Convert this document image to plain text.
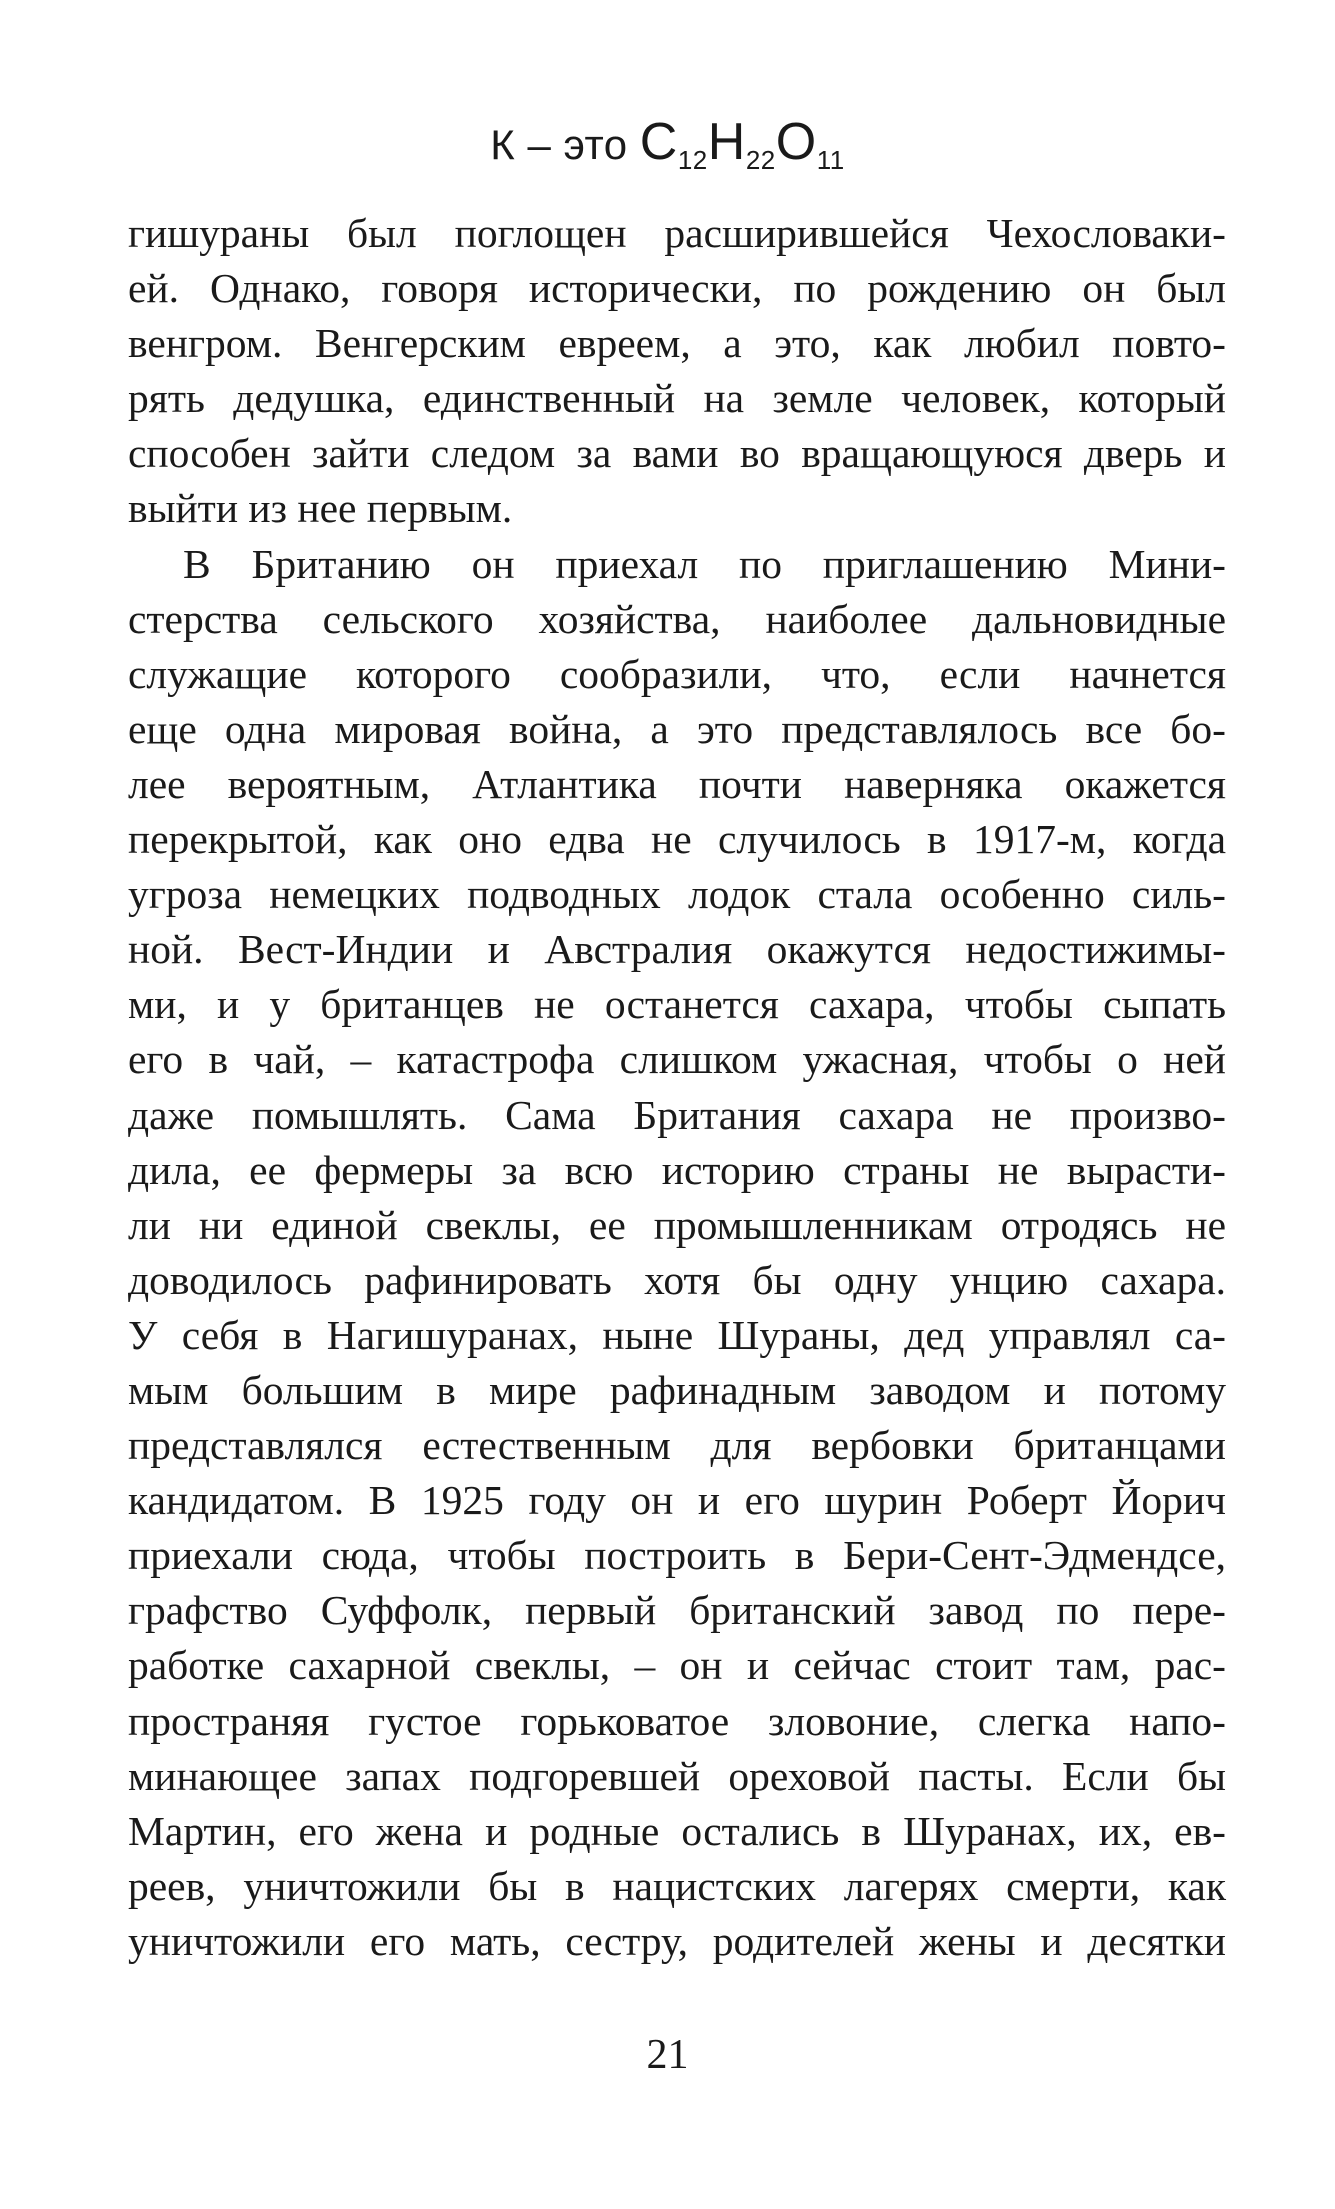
К – это $C_{12}H_{22}O_{11}$
гишураны был поглощен расширившейся Чехословаки-
ей. Однако, говоря исторически, по рождению он был
венгром. Венгерским евреем, а это, как любил повто-
рять дедушка, единственный на земле человек, который
способен зайти следом за вами во вращающуюся дверь и
выйти из нее первым.
В Британию он приехал по приглашению Мини-
стерства сельского хозяйства, наиболее дальновидные
служащие которого сообразили, что, если начнется
еще одна мировая война, а это представлялось все бо-
лее вероятным, Атлантика почти наверняка окажется
перекрытой, как оно едва не случилось в 1917-м, когда
угроза немецких подводных лодок стала особенно силь-
ной. Вест-Индии и Австралия окажутся недостижимы-
ми, и у британцев не останется сахара, чтобы сыпать
его в чай, – катастрофа слишком ужасная, чтобы о ней
даже помышлять. Сама Британия сахара не произво-
дила, ее фермеры за всю историю страны не вырасти-
ли ни единой свеклы, ее промышленникам отродясь не
доводилось рафинировать хотя бы одну унцию сахара.
У себя в Нагишуранах, ныне Шураны, дед управлял са-
мым большим в мире рафинадным заводом и потому
представлялся естественным для вербовки британцами
кандидатом. В 1925 году он и его шурин Роберт Йорич
приехали сюда, чтобы построить в Бери-Сент-Эдмендсе,
графство Суффолк, первый британский завод по пере-
работке сахарной свеклы, – он и сейчас стоит там, рас-
пространяя густое горьковатое зловоние, слегка напо-
минающее запах подгоревшей ореховой пасты. Если бы
Мартин, его жена и родные остались в Шуранах, их, ев-
реев, уничтожили бы в нацистских лагерях смерти, как
уничтожили его мать, сестру, родителей жены и десятки
21
